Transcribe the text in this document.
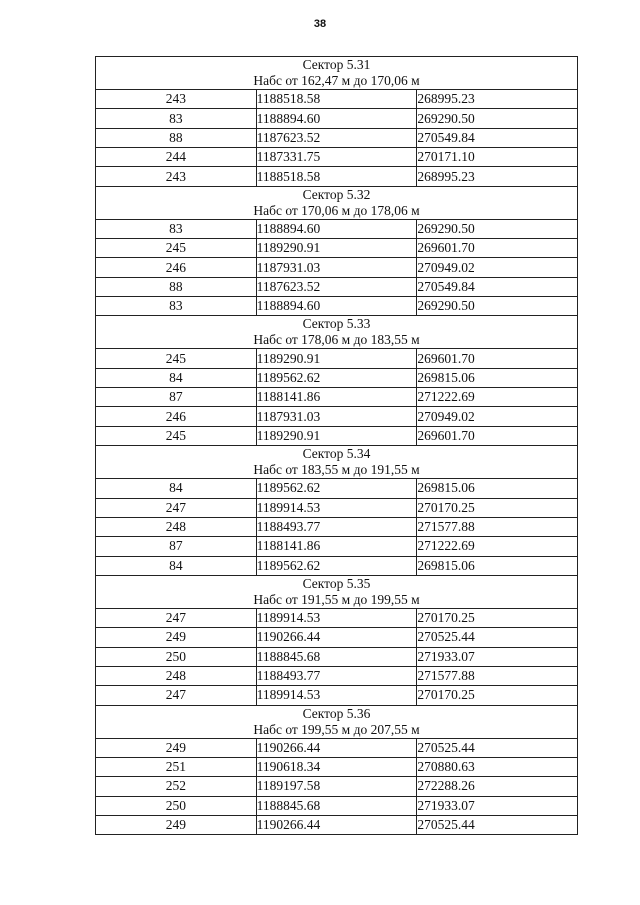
38
Сектор 5.31
Набс от 162,47 м до 170,06 м		

243	1188518.58	268995.23
83	1188894.60	269290.50
88	1187623.52	270549.84
244	1187331.75	270171.10
243	1188518.58	268995.23

Сектор 5.32
Набс от 170,06 м до 178,06 м		

83	1188894.60	269290.50
245	1189290.91	269601.70
246	1187931.03	270949.02
88	1187623.52	270549.84
83	1188894.60	269290.50

Сектор 5.33
Набс от 178,06 м до 183,55 м		

245	1189290.91	269601.70
84	1189562.62	269815.06
87	1188141.86	271222.69
246	1187931.03	270949.02
245	1189290.91	269601.70

Сектор 5.34
Набс от 183,55 м до 191,55 м		

84	1189562.62	269815.06
247	1189914.53	270170.25
248	1188493.77	271577.88
87	1188141.86	271222.69
84	1189562.62	269815.06

Сектор 5.35
Набс от 191,55 м до 199,55 м		

247	1189914.53	270170.25
249	1190266.44	270525.44
250	1188845.68	271933.07
248	1188493.77	271577.88
247	1189914.53	270170.25

Сектор 5.36
Набс от 199,55 м до 207,55 м		

249	1190266.44	270525.44
251	1190618.34	270880.63
252	1189197.58	272288.26
250	1188845.68	271933.07
249	1190266.44	270525.44
